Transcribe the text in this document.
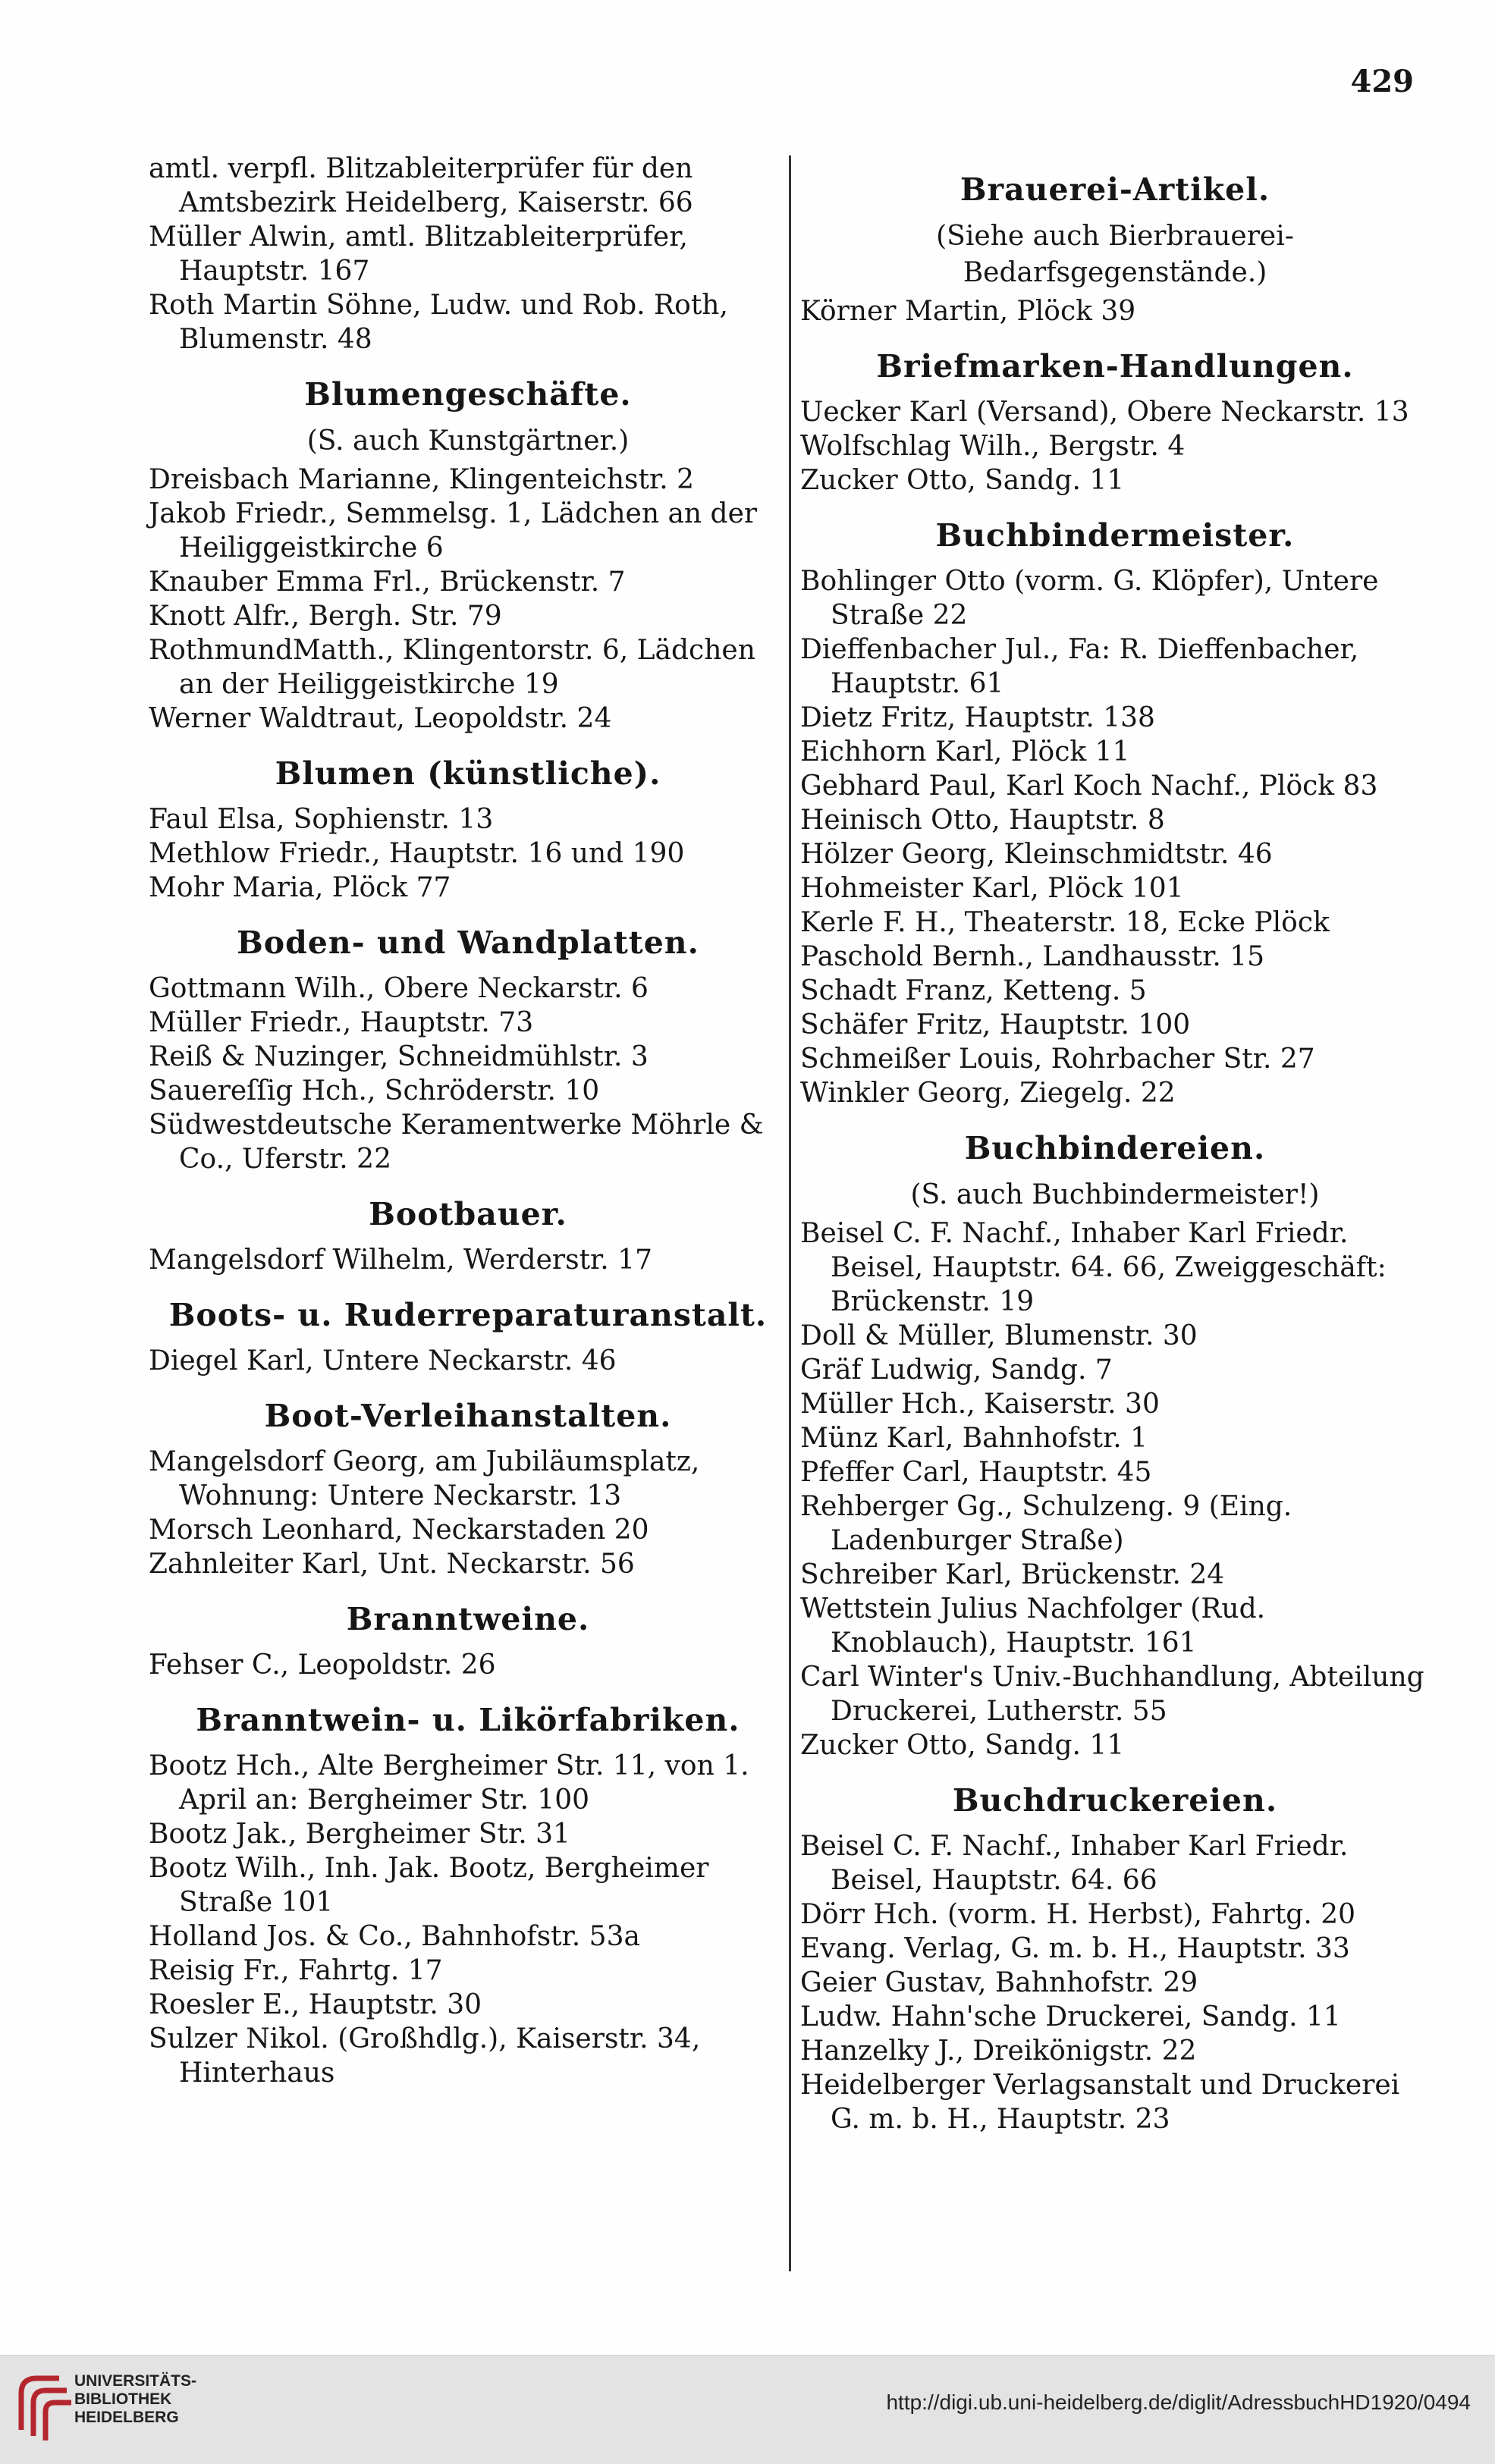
429
amtl. verpfl. Blitzableiterprüfer für den Amtsbezirk Heidelberg, Kaiserstr. 66
Müller Alwin, amtl. Blitzableiterprüfer, Hauptstr. 167
Roth Martin Söhne, Ludw. und Rob. Roth, Blumenstr. 48
Blumengeschäfte.
(S. auch Kunstgärtner.)
Dreisbach Marianne, Klingenteichstr. 2
Jakob Friedr., Semmelsg. 1, Lädchen an der Heiliggeistkirche 6
Knauber Emma Frl., Brückenstr. 7
Knott Alfr., Bergh. Str. 79
RothmundMatth., Klingentorstr. 6, Lädchen an der Heiliggeistkirche 19
Werner Waldtraut, Leopoldstr. 24
Blumen (künstliche).
Faul Elsa, Sophienstr. 13
Methlow Friedr., Hauptstr. 16 und 190
Mohr Maria, Plöck 77
Boden- und Wandplatten.
Gottmann Wilh., Obere Neckarstr. 6
Müller Friedr., Hauptstr. 73
Reiß & Nuzinger, Schneidmühlstr. 3
Sauereſſig Hch., Schröderstr. 10
Südwestdeutsche Keramentwerke Möhrle & Co., Uferstr. 22
Bootbauer.
Mangelsdorf Wilhelm, Werderstr. 17
Boots- u. Ruderreparaturanstalt.
Diegel Karl, Untere Neckarstr. 46
Boot-Verleihanstalten.
Mangelsdorf Georg, am Jubiläumsplatz, Wohnung: Untere Neckarstr. 13
Morsch Leonhard, Neckarstaden 20
Zahnleiter Karl, Unt. Neckarstr. 56
Branntweine.
Fehser C., Leopoldstr. 26
Branntwein- u. Likörfabriken.
Bootz Hch., Alte Bergheimer Str. 11, von 1. April an: Bergheimer Str. 100
Bootz Jak., Bergheimer Str. 31
Bootz Wilh., Inh. Jak. Bootz, Bergheimer Straße 101
Holland Jos. & Co., Bahnhofstr. 53a
Reisig Fr., Fahrtg. 17
Roesler E., Hauptstr. 30
Sulzer Nikol. (Großhdlg.), Kaiserstr. 34, Hinterhaus
Brauerei-Artikel.
(Siehe auch Bierbrauerei-Bedarfsgegenstände.)
Körner Martin, Plöck 39
Briefmarken-Handlungen.
Uecker Karl (Versand), Obere Neckarstr. 13
Wolfschlag Wilh., Bergstr. 4
Zucker Otto, Sandg. 11
Buchbindermeister.
Bohlinger Otto (vorm. G. Klöpfer), Untere Straße 22
Dieffenbacher Jul., Fa: R. Dieffenbacher, Hauptstr. 61
Dietz Fritz, Hauptstr. 138
Eichhorn Karl, Plöck 11
Gebhard Paul, Karl Koch Nachf., Plöck 83
Heinisch Otto, Hauptstr. 8
Hölzer Georg, Kleinschmidtstr. 46
Hohmeister Karl, Plöck 101
Kerle F. H., Theaterstr. 18, Ecke Plöck
Paschold Bernh., Landhausstr. 15
Schadt Franz, Ketteng. 5
Schäfer Fritz, Hauptstr. 100
Schmeißer Louis, Rohrbacher Str. 27
Winkler Georg, Ziegelg. 22
Buchbindereien.
(S. auch Buchbindermeister!)
Beisel C. F. Nachf., Inhaber Karl Friedr. Beisel, Hauptstr. 64. 66, Zweiggeschäft: Brückenstr. 19
Doll & Müller, Blumenstr. 30
Gräf Ludwig, Sandg. 7
Müller Hch., Kaiserstr. 30
Münz Karl, Bahnhofstr. 1
Pfeffer Carl, Hauptstr. 45
Rehberger Gg., Schulzeng. 9 (Eing. Ladenburger Straße)
Schreiber Karl, Brückenstr. 24
Wettstein Julius Nachfolger (Rud. Knoblauch), Hauptstr. 161
Carl Winter's Univ.-Buchhandlung, Abteilung Druckerei, Lutherstr. 55
Zucker Otto, Sandg. 11
Buchdruckereien.
Beisel C. F. Nachf., Inhaber Karl Friedr. Beisel, Hauptstr. 64. 66
Dörr Hch. (vorm. H. Herbst), Fahrtg. 20
Evang. Verlag, G. m. b. H., Hauptstr. 33
Geier Gustav, Bahnhofstr. 29
Ludw. Hahn'sche Druckerei, Sandg. 11
Hanzelky J., Dreikönigstr. 22
Heidelberger Verlagsanstalt und Druckerei G. m. b. H., Hauptstr. 23
UNIVERSITÄTS-
BIBLIOTHEK
HEIDELBERG
http://digi.ub.uni-heidelberg.de/diglit/AdressbuchHD1920/0494
